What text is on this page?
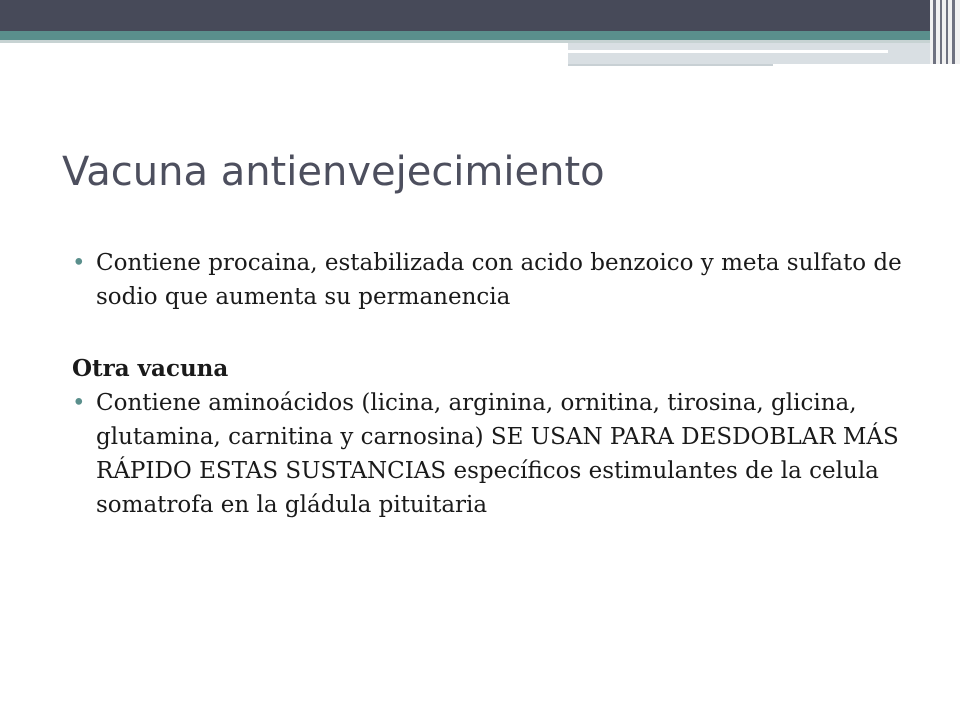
Vacuna antienvejecimiento
• Contiene procaina, estabilizada con acido benzoico y meta sulfato de sodio que aumenta su permanencia

Otra vacuna

• Contiene aminoácidos (licina, arginina, ornitina, tirosina, glicina, glutamina, carnitina y carnosina) SE USAN PARA DESDOBLAR MÁS RÁPIDO ESTAS SUSTANCIAS específicos estimulantes de la celula somatrofa en la gládula pituitaria
